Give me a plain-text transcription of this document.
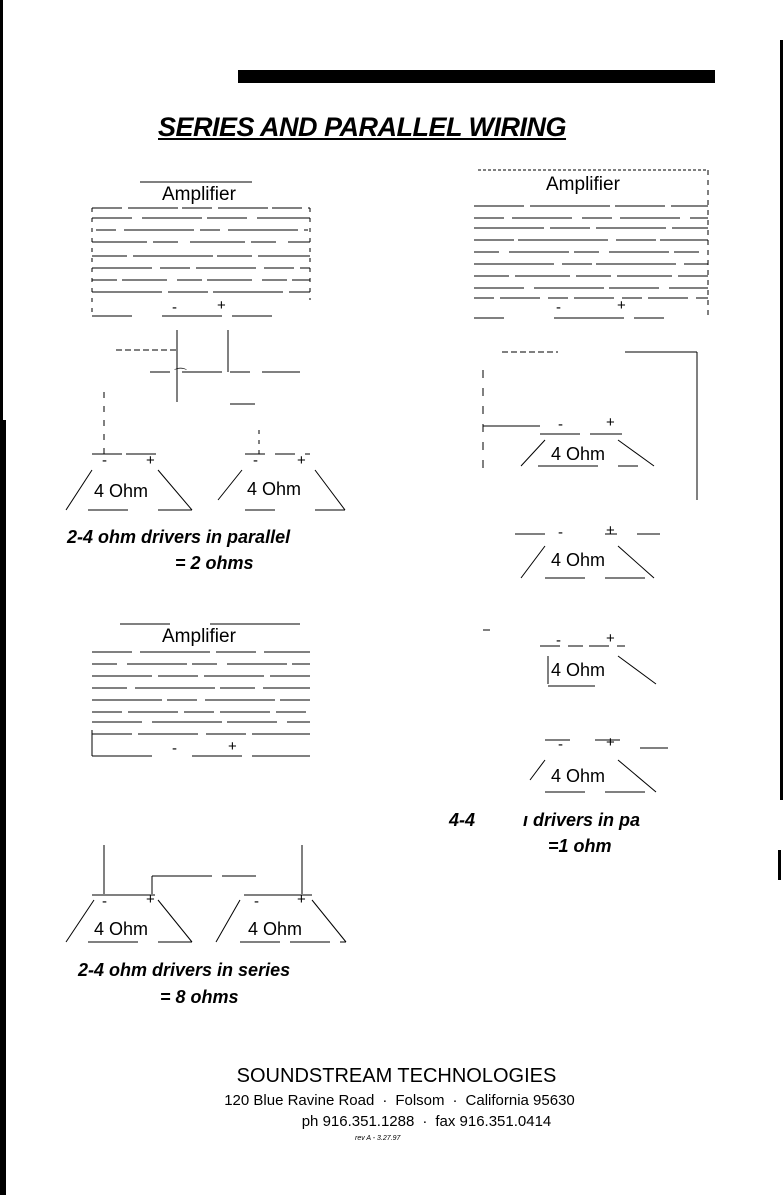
SERIES AND PARALLEL WIRING
Amplifier
-	+
⌒
-	+
4 Ohm
-	+
4 Ohm
2-4 ohm drivers in parallel
= 2 ohms
Amplifier
-	+
-	+
4 Ohm
-	+
4 Ohm
-	+
4 Ohm
-	+
4 Ohm
4-4	ı drivers in pa
=1 ohm
Amplifier
-	+
-	+
4 Ohm
-	+
4 Ohm
2-4 ohm drivers in series
= 8 ohms
SOUNDSTREAM TECHNOLOGIES
120 Blue Ravine Road · Folsom · California 95630
ph 916.351.1288 · fax 916.351.0414
rev A - 3.27.97
